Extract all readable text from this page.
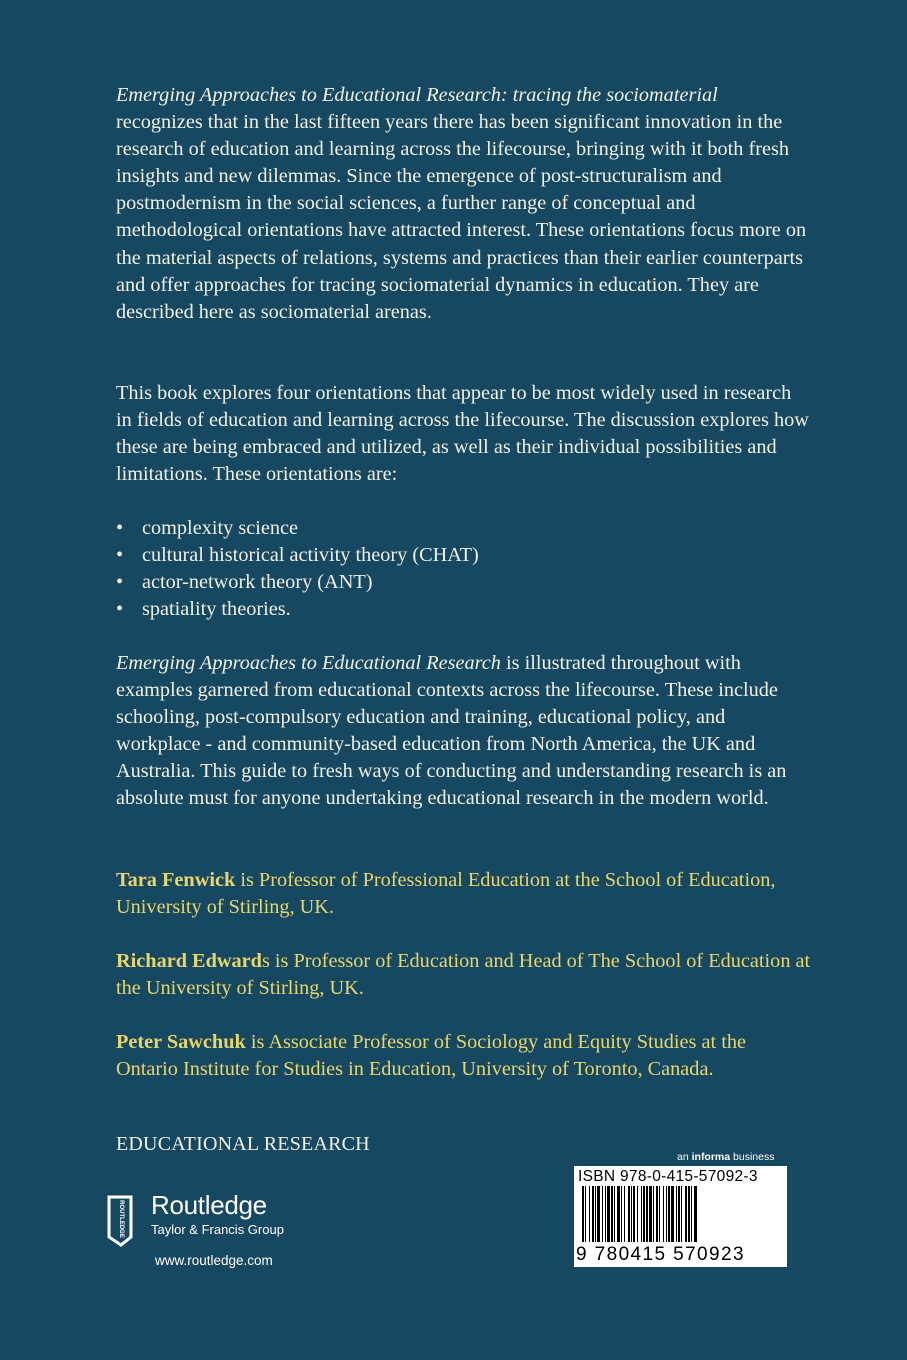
Emerging Approaches to Educational Research: tracing the sociomaterial
recognizes that in the last fifteen years there has been significant innovation in the research of education and learning across the lifecourse, bringing with it both fresh insights and new dilemmas. Since the emergence of post-structuralism and postmodernism in the social sciences, a further range of conceptual and methodological orientations have attracted interest. These orientations focus more on the material aspects of relations, systems and practices than their earlier counterparts and offer approaches for tracing sociomaterial dynamics in education. They are described here as sociomaterial arenas.

This book explores four orientations that appear to be most widely used in research in fields of education and learning across the lifecourse. The discussion explores how these are being embraced and utilized, as well as their individual possibilities and limitations. These orientations are:

• complexity science
• cultural historical activity theory (CHAT)
• actor-network theory (ANT)
• spatiality theories.

Emerging Approaches to Educational Research is illustrated throughout with examples garnered from educational contexts across the lifecourse. These include schooling, post-compulsory education and training, educational policy, and workplace - and community-based education from North America, the UK and Australia. This guide to fresh ways of conducting and understanding research is an absolute must for anyone undertaking educational research in the modern world.

Tara Fenwick is Professor of Professional Education at the School of Education, University of Stirling, UK.

Richard Edwards is Professor of Education and Head of The School of Education at the University of Stirling, UK.

Peter Sawchuk is Associate Professor of Sociology and Equity Studies at the Ontario Institute for Studies in Education, University of Toronto, Canada.

EDUCATIONAL RESEARCH
ROUTLEDGE Routledge
Taylor & Francis Group
www.routledge.com
an informa business
ISBN 978-0-415-57092-3
9 780415 570923
